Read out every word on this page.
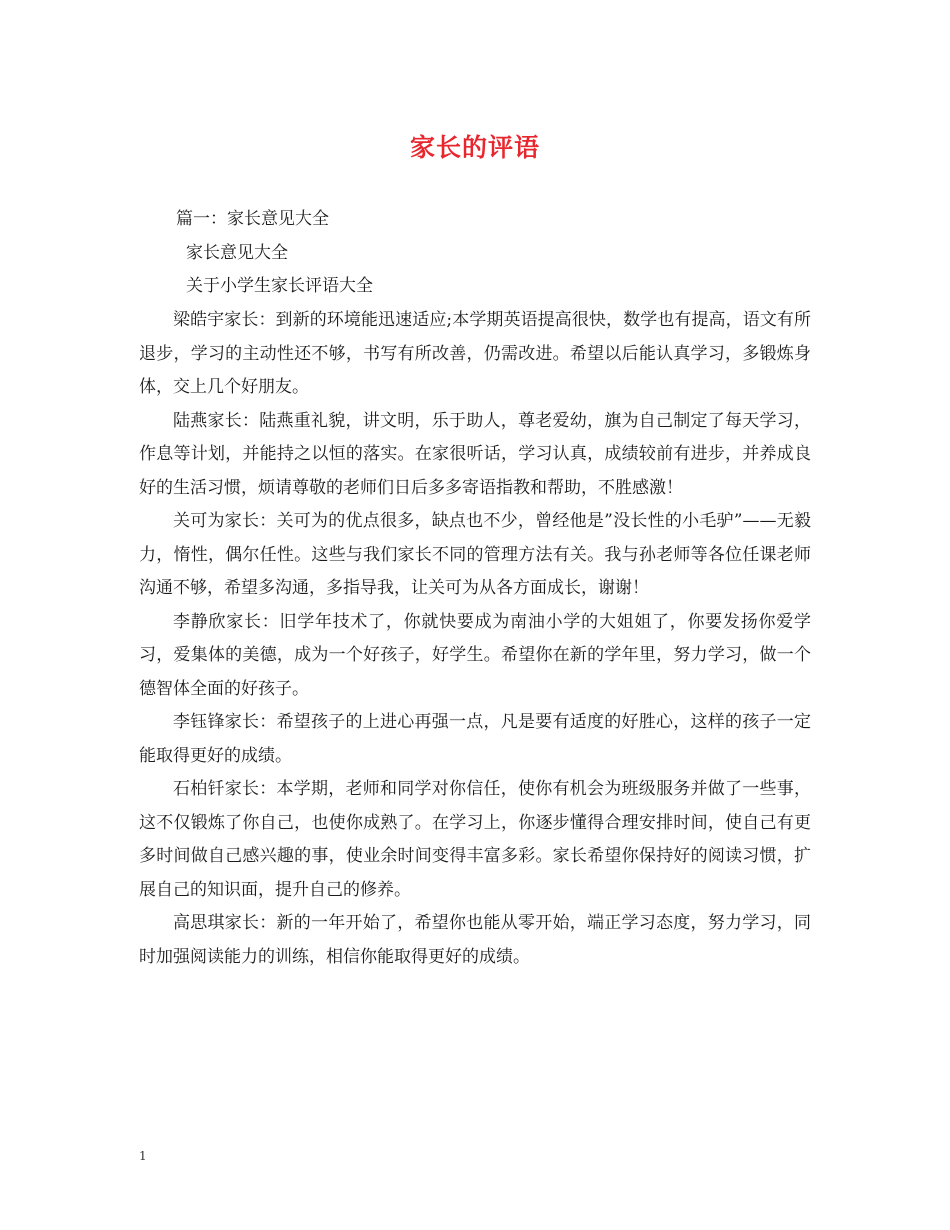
家长的评语
篇一：家长意见大全
家长意见大全
关于小学生家长评语大全

梁皓宇家长：到新的环境能迅速适应;本学期英语提高很快，数学也有提高，语文有所退步，学习的主动性还不够，书写有所改善，仍需改进。希望以后能认真学习，多锻炼身体，交上几个好朋友。

陆燕家长：陆燕重礼貌，讲文明，乐于助人，尊老爱幼，旗为自己制定了每天学习，作息等计划，并能持之以恒的落实。在家很听话，学习认真，成绩较前有进步，并养成良好的生活习惯，烦请尊敬的老师们日后多多寄语指教和帮助，不胜感激！

关可为家长：关可为的优点很多，缺点也不少，曾经他是”没长性的小毛驴”——无毅力，惰性，偶尔任性。这些与我们家长不同的管理方法有关。我与孙老师等各位任课老师沟通不够，希望多沟通，多指导我，让关可为从各方面成长，谢谢！

李静欣家长：旧学年技术了，你就快要成为南油小学的大姐姐了，你要发扬你爱学习，爱集体的美德，成为一个好孩子，好学生。希望你在新的学年里，努力学习，做一个德智体全面的好孩子。

李钰锋家长：希望孩子的上进心再强一点，凡是要有适度的好胜心，这样的孩子一定能取得更好的成绩。

石柏钎家长：本学期，老师和同学对你信任，使你有机会为班级服务并做了一些事，这不仅锻炼了你自己，也使你成熟了。在学习上，你逐步懂得合理安排时间，使自己有更多时间做自己感兴趣的事，使业余时间变得丰富多彩。家长希望你保持好的阅读习惯，扩展自己的知识面，提升自己的修养。

高思琪家长：新的一年开始了，希望你也能从零开始，端正学习态度，努力学习，同时加强阅读能力的训练，相信你能取得更好的成绩。

1
